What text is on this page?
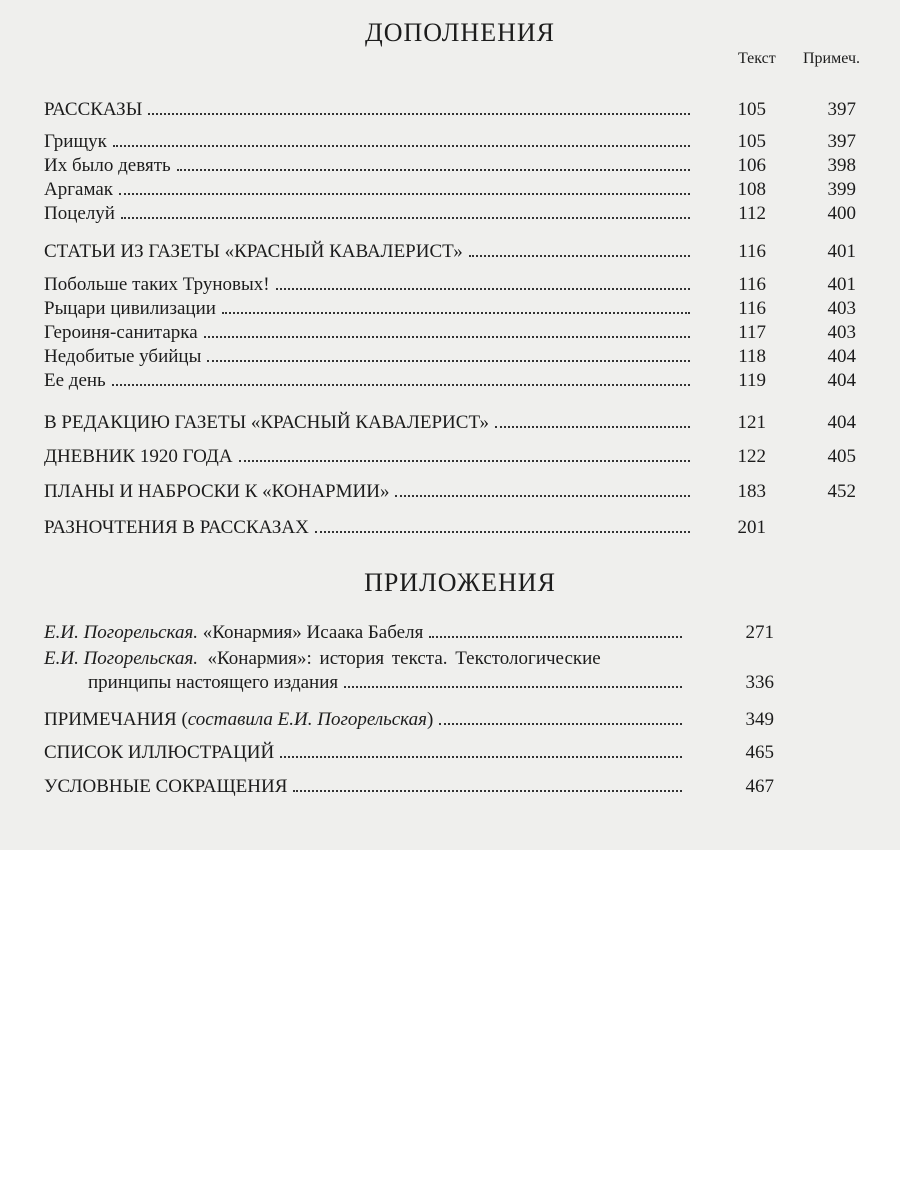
ДОПОЛНЕНИЯ
Текст Примеч.
РАССКАЗЫ	105	397
Грищук	105	397
Их было девять	106	398
Аргамак	108	399
Поцелуй	112	400
СТАТЬИ ИЗ ГАЗЕТЫ «КРАСНЫЙ КАВАЛЕРИСТ»	116	401
Побольше таких Труновых!	116	401
Рыцари цивилизации	116	403
Героиня-санитарка	117	403
Недобитые убийцы	118	404
Ее день	119	404
В РЕДАКЦИЮ ГАЗЕТЫ «КРАСНЫЙ КАВАЛЕРИСТ»	121	404
ДНЕВНИК 1920 ГОДА	122	405
ПЛАНЫ И НАБРОСКИ К «КОНАРМИИ»	183	452
РАЗНОЧТЕНИЯ В РАССКАЗАХ	201
ПРИЛОЖЕНИЯ
Е.И. Погорельская. «Конармия» Исаака Бабеля	271
Е.И. Погорельская. «Конармия»: история текста. Текстологические
принципы настоящего издания	336
ПРИМЕЧАНИЯ (составила Е.И. Погорельская)	349
СПИСОК ИЛЛЮСТРАЦИЙ	465
УСЛОВНЫЕ СОКРАЩЕНИЯ	467
